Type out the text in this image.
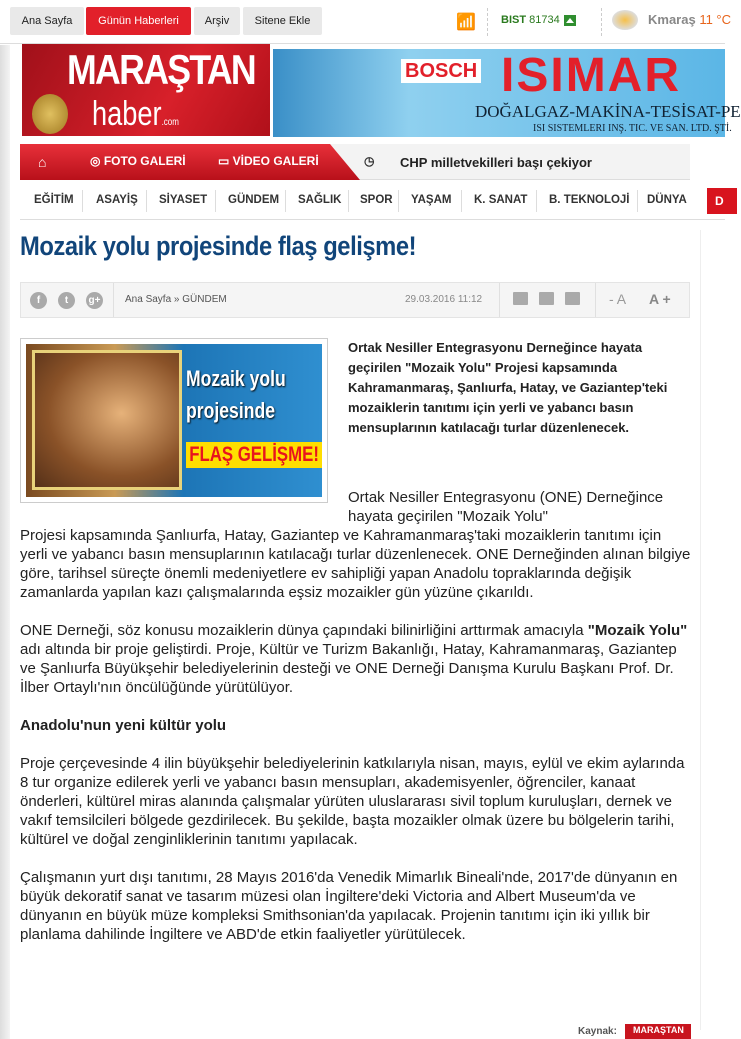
Ana Sayfa	Günün Haberleri	Arşiv	Sitene Ekle	📶 BIST 81734	Kmaraş 11 °C
MARAŞTAN
haber.com
BOSCH ISIMAR
DOĞALGAZ-MAKİNA-TESİSAT-PE
ISI SISTEMLERI INŞ. TIC. VE SAN. LTD. ŞTİ.
⌂	◎ FOTO GALERİ	▭ VİDEO GALERİ	◷ CHP milletvekilleri başı çekiyor
EĞİTİM ASAYİŞ SİYASET GÜNDEM SAĞLIK SPOR YAŞAM K. SANAT B. TEKNOLOJİ DÜNYA	D
Mozaik yolu projesinde flaş gelişme!
f	t	g+ Ana Sayfa » GÜNDEM	29.03.2016 11:12	- A A +
Mozaik yolu
projesinde
FLAŞ GELİŞME!
Ortak Nesiller Entegrasyonu Derneğince hayata geçirilen "Mozaik Yolu" Projesi kapsamında Kahramanmaraş, Şanlıurfa, Hatay, ve Gaziantep'teki mozaiklerin tanıtımı için yerli ve yabancı basın mensuplarının katılacağı turlar düzenlenecek.

Ortak Nesiller Entegrasyonu (ONE) Derneğince hayata geçirilen "Mozaik Yolu"

Projesi kapsamında Şanlıurfa, Hatay, Gaziantep ve Kahramanmaraş'taki mozaiklerin tanıtımı için yerli ve yabancı basın mensuplarının katılacağı turlar düzenlenecek. ONE Derneğinden alınan bilgiye göre, tarihsel süreçte önemli medeniyetlere ev sahipliği yapan Anadolu topraklarında değişik zamanlarda yapılan kazı çalışmalarında eşsiz mozaikler gün yüzüne çıkarıldı.

ONE Derneği, söz konusu mozaiklerin dünya çapındaki bilinirliğini arttırmak amacıyla "Mozaik Yolu" adı altında bir proje geliştirdi. Proje, Kültür ve Turizm Bakanlığı, Hatay, Kahramanmaraş, Gaziantep ve Şanlıurfa Büyükşehir belediyelerinin desteği ve ONE Derneği Danışma Kurulu Başkanı Prof. Dr. İlber Ortaylı'nın öncülüğünde yürütülüyor.

Anadolu'nun yeni kültür yolu

Proje çerçevesinde 4 ilin büyükşehir belediyelerinin katkılarıyla nisan, mayıs, eylül ve ekim aylarında 8 tur organize edilerek yerli ve yabancı basın mensupları, akademisyenler, öğrenciler, kanaat önderleri, kültürel miras alanında çalışmalar yürüten uluslararası sivil toplum kuruluşları, dernek ve vakıf temsilcileri bölgede gezdirilecek. Bu şekilde, başta mozaikler olmak üzere bu bölgelerin tarihi, kültürel ve doğal zenginliklerinin tanıtımı yapılacak.

Çalışmanın yurt dışı tanıtımı, 28 Mayıs 2016'da Venedik Mimarlık Bineali'nde, 2017'de dünyanın en büyük dekoratif sanat ve tasarım müzesi olan İngiltere'deki Victoria and Albert Museum'da ve dünyanın en büyük müze kompleksi Smithsonian'da yapılacak. Projenin tanıtımı için iki yıllık bir planlama dahilinde İngiltere ve ABD'de etkin faaliyetler yürütülecek.

Kaynak:	MARAŞTAN
